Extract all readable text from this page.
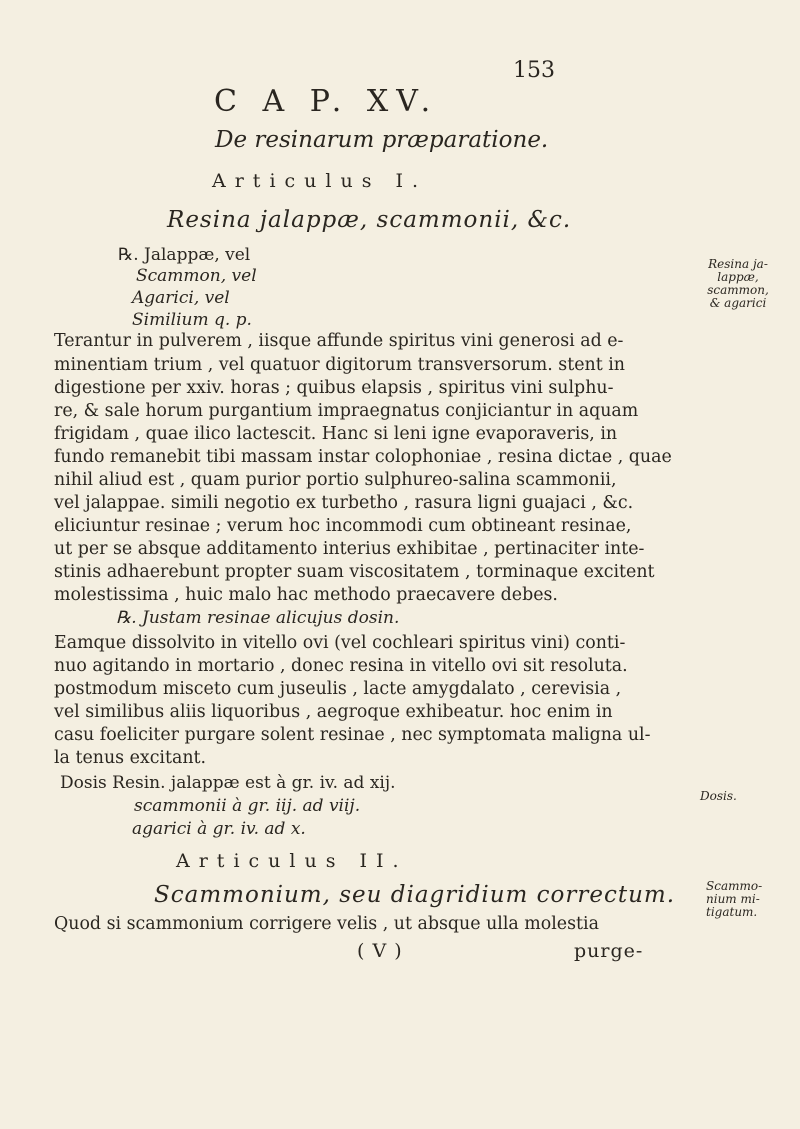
153
C A P. XV.
De resinarum præparatione.
Articulus I.
Resina jalappæ, scammonii, &c.
℞. Jalappæ, vel
Scammon, vel
Agarici, vel
Similium q. p.
Resina ja-
lappæ,
scammon,
& agarici
Terantur in pulverem , iisque affunde spiritus vini generosi ad e-
minentiam trium , vel quatuor digitorum transversorum. stent in
digestione per xxiv. horas ; quibus elapsis , spiritus vini sulphu-
re, & sale horum purgantium impraegnatus conjiciantur in aquam
frigidam , quae ilico lactescit. Hanc si leni igne evaporaveris, in
fundo remanebit tibi massam instar colophoniae , resina dictae , quae
nihil aliud est , quam purior portio sulphureo-salina scammonii,
vel jalappae. simili negotio ex turbetho , rasura ligni guajaci , &c.
eliciuntur resinae ; verum hoc incommodi cum obtineant resinae,
ut per se absque additamento interius exhibitae , pertinaciter inte-
stinis adhaerebunt propter suam viscositatem , torminaque excitent
molestissima , huic malo hac methodo praecavere debes.
℞. Justam resinae alicujus dosin.
Eamque dissolvito in vitello ovi (vel cochleari spiritus vini) conti-
nuo agitando in mortario , donec resina in vitello ovi sit resoluta.
postmodum misceto cum juseulis , lacte amygdalato , cerevisia ,
vel similibus aliis liquoribus , aegroque exhibeatur. hoc enim in
casu foeliciter purgare solent resinae , nec symptomata maligna ul-
la tenus excitant.
Dosis Resin. jalappæ est à gr. iv. ad xij.
scammonii à gr. iij. ad viij.
agarici à gr. iv. ad x.
Dosis.
Articulus II.
Scammonium, seu diagridium correctum.	Scammo-
nium mi-
tigatum.
Quod si scammonium corrigere velis , ut absque ulla molestia
( V )	purge-
